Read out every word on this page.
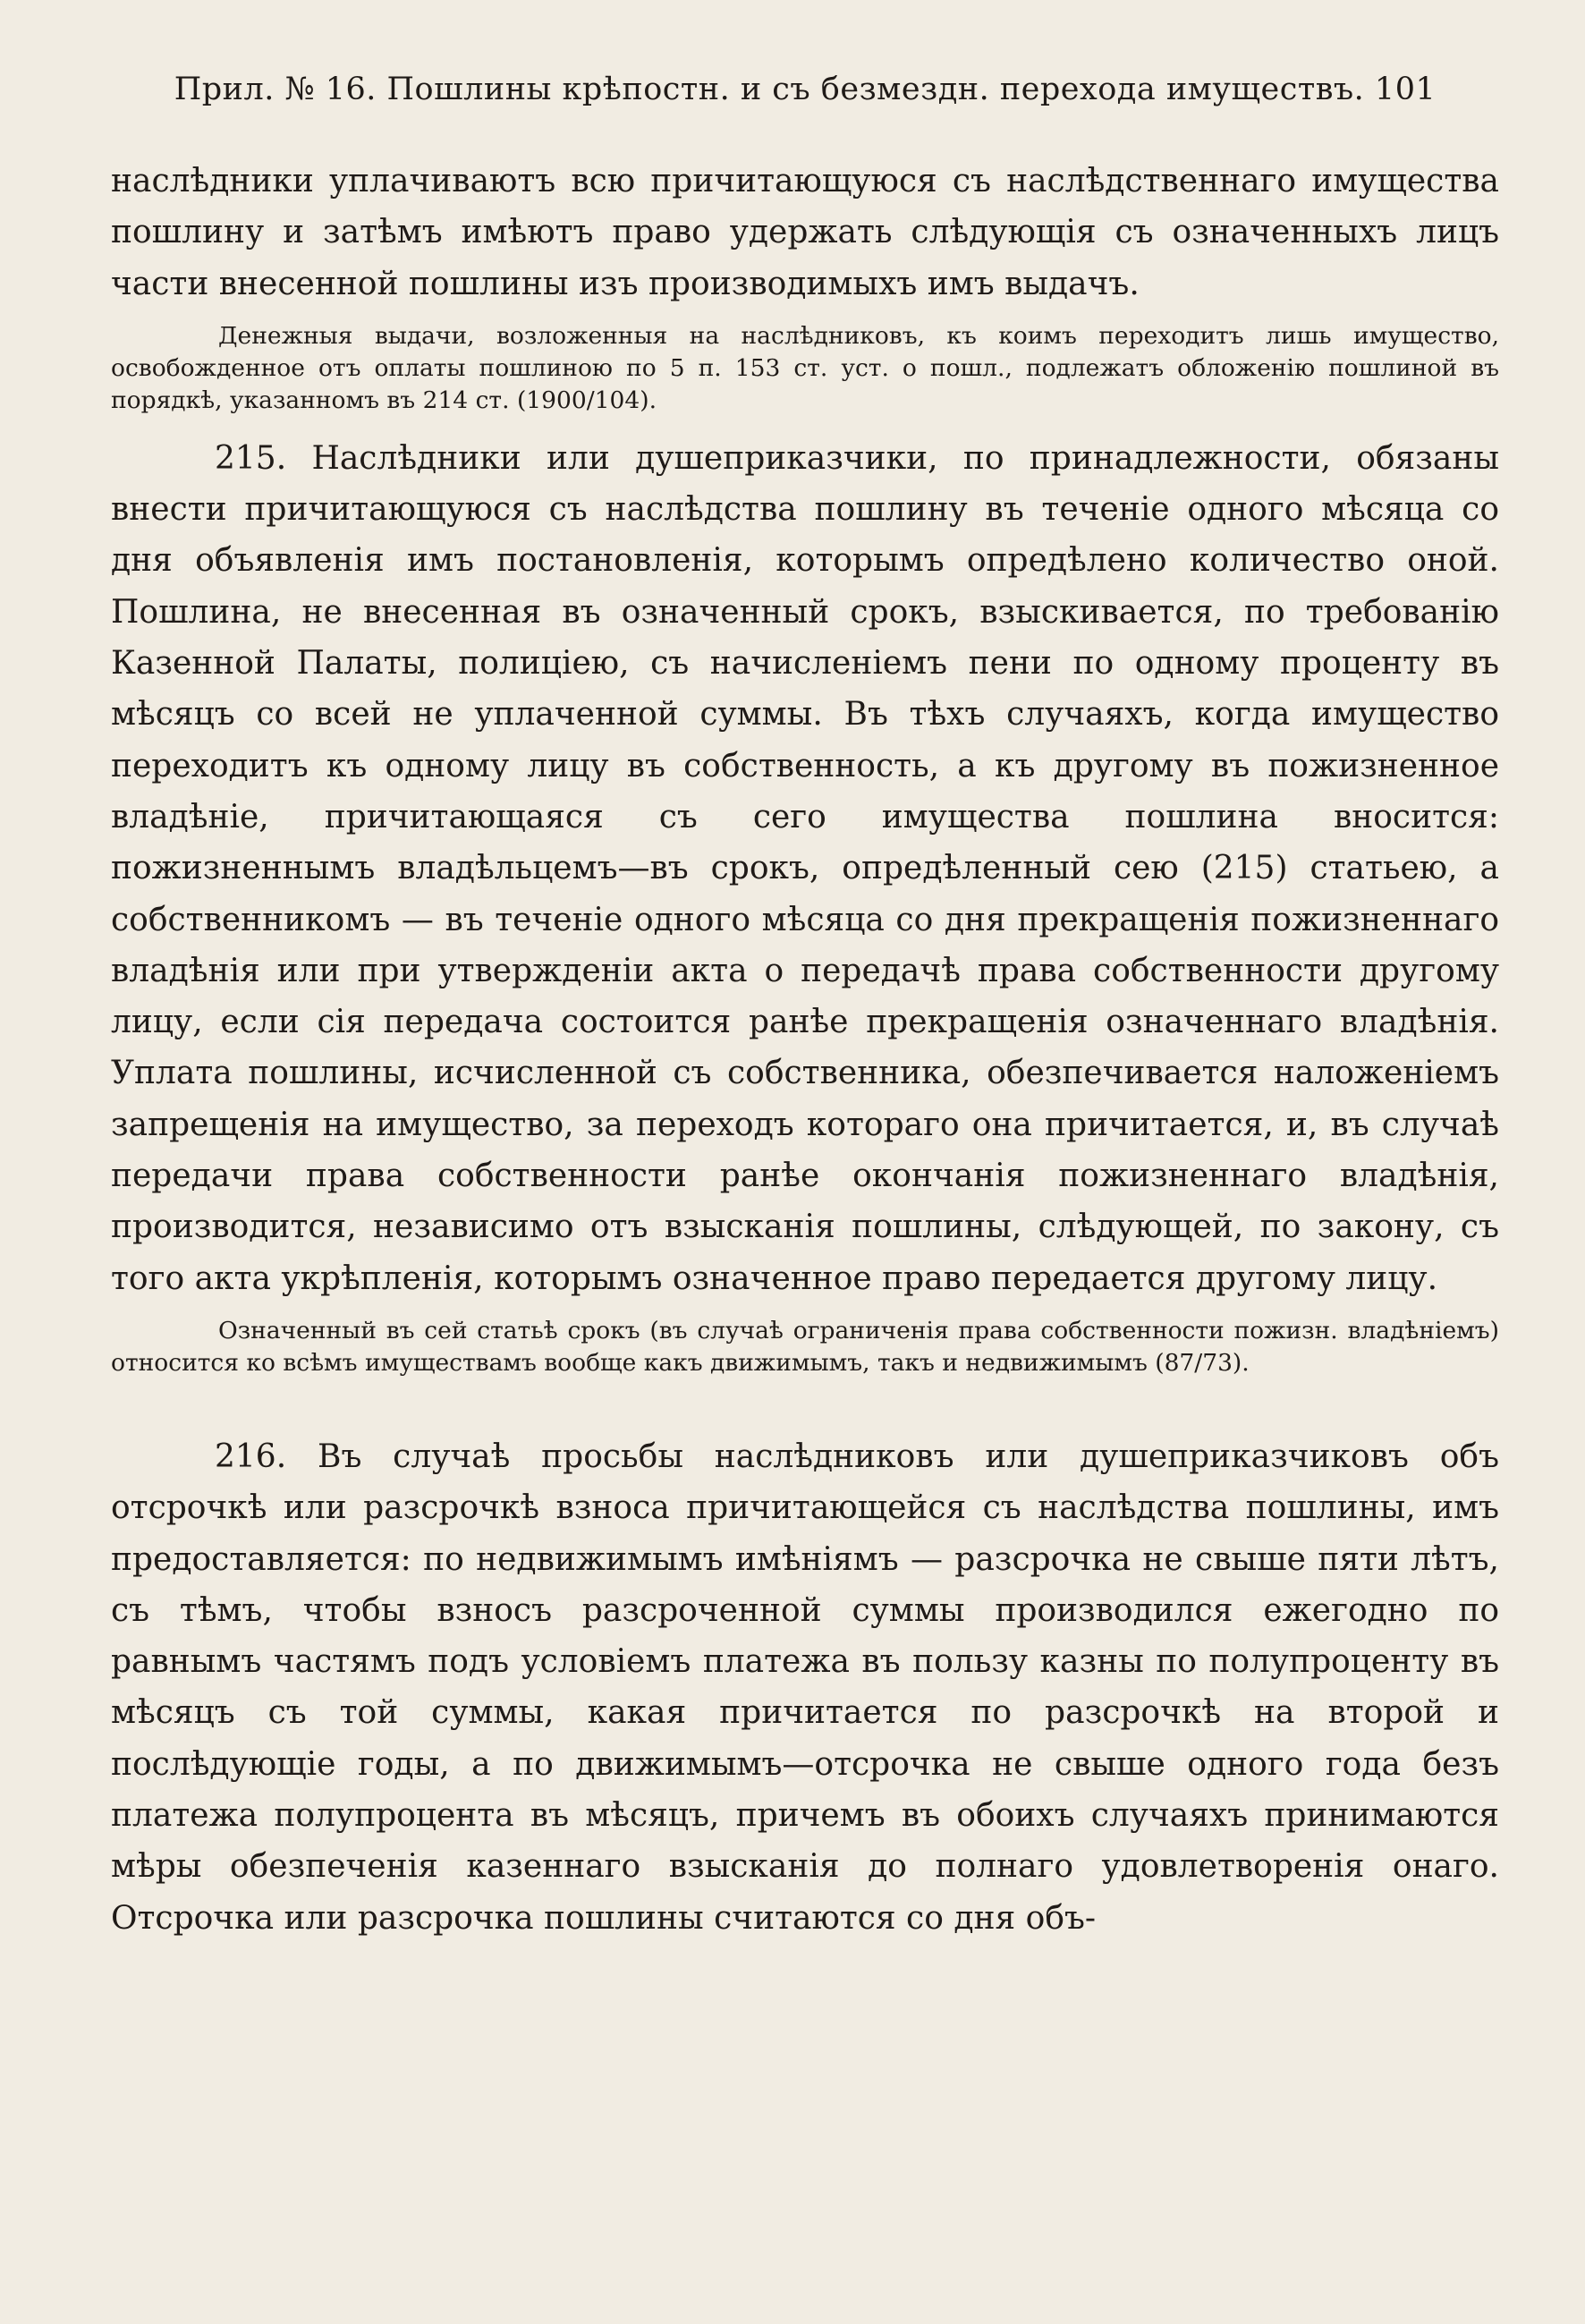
Прил. № 16. Пошлины крѣпостн. и съ безмездн. перехода имуществъ. 101

наслѣдники уплачиваютъ всю причитающуюся съ наслѣдственнаго имущества пошлину и затѣмъ имѣютъ право удержать слѣдующія съ означенныхъ лицъ части внесенной пошлины изъ производимыхъ имъ выдачъ.

Денежныя выдачи, возложенныя на наслѣдниковъ, къ коимъ переходитъ лишь имущество, освобожденное отъ оплаты пошлиною по 5 п. 153 ст. уст. о пошл., подлежатъ обложенію пошлиной въ порядкѣ, указанномъ въ 214 ст. (1900/104).

215. Наслѣдники или душеприказчики, по принадлежности, обязаны внести причитающуюся съ наслѣдства пошлину въ теченіе одного мѣсяца со дня объявленія имъ постановленія, которымъ опредѣлено количество оной. Пошлина, не внесенная въ означенный срокъ, взыскивается, по требованію Казенной Палаты, полиціею, съ начисленіемъ пени по одному проценту въ мѣсяцъ со всей не уплаченной суммы. Въ тѣхъ случаяхъ, когда имущество переходитъ къ одному лицу въ собственность, а къ другому въ пожизненное владѣніе, причитающаяся съ сего имущества пошлина вносится: пожизненнымъ владѣльцемъ—въ срокъ, опредѣленный сею (215) статьею, а собственникомъ — въ теченіе одного мѣсяца со дня прекращенія пожизненнаго владѣнія или при утвержденіи акта о передачѣ права собственности другому лицу, если сія передача состоится ранѣе прекращенія означеннаго владѣнія. Уплата пошлины, исчисленной съ собственника, обезпечивается наложеніемъ запрещенія на имущество, за переходъ котораго она причитается, и, въ случаѣ передачи права собственности ранѣе окончанія пожизненнаго владѣнія, производится, независимо отъ взысканія пошлины, слѣдующей, по закону, съ того акта укрѣпленія, которымъ означенное право передается другому лицу.

Означенный въ сей статьѣ срокъ (въ случаѣ ограниченія права собственности пожизн. владѣніемъ) относится ко всѣмъ имуществамъ вообще какъ движимымъ, такъ и недвижимымъ (87/73).

216. Въ случаѣ просьбы наслѣдниковъ или душеприказчиковъ объ отсрочкѣ или разсрочкѣ взноса причитающейся съ наслѣдства пошлины, имъ предоставляется: по недвижимымъ имѣніямъ — разсрочка не свыше пяти лѣтъ, съ тѣмъ, чтобы взносъ разсроченной суммы производился ежегодно по равнымъ частямъ подъ условіемъ платежа въ пользу казны по полупроценту въ мѣсяцъ съ той суммы, какая причитается по разсрочкѣ на второй и послѣдующіе годы, а по движимымъ—отсрочка не свыше одного года безъ платежа полупроцента въ мѣсяцъ, причемъ въ обоихъ случаяхъ принимаются мѣры обезпеченія казеннаго взысканія до полнаго удовлетворенія онаго. Отсрочка или разсрочка пошлины считаются со дня объ-
